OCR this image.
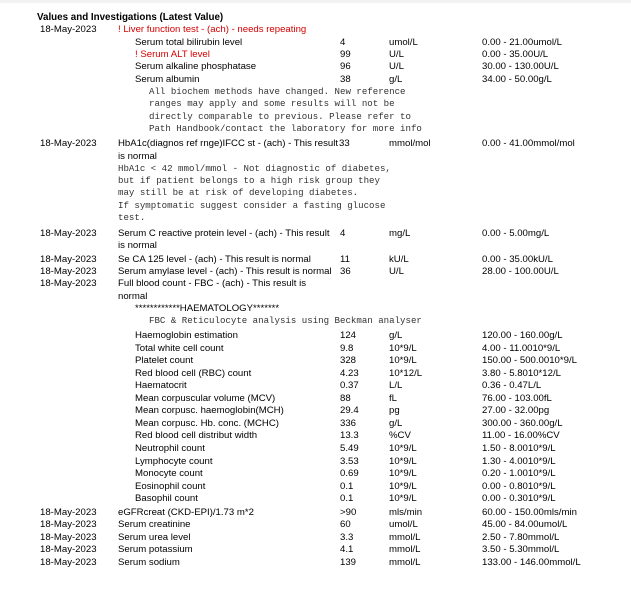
Values and Investigations (Latest Value)
18-May-2023 ! Liver function test - (ach) - needs repeating
Serum total bilirubin level	4	umol/L	0.00 - 21.00umol/L
! Serum ALT level	99	U/L	0.00 - 35.00U/L
Serum alkaline phosphatase	96	U/L	30.00 - 130.00U/L
Serum albumin	38	g/L	34.00 - 50.00g/L
All biochem methods have changed. New reference
ranges may apply and some results will not be
directly comparable to previous. Please refer to
Path Handbook/contact the laboratory for more info
18-May-2023 HbA1c(diagnos ref rnge)IFCC st - (ach) - This result 33	mmol/mol	0.00 - 41.00mmol/mol
is normal
HbA1c < 42 mmol/mmol - Not diagnostic of diabetes,
but if patient belongs to a high risk group they
may still be at risk of developing diabetes.
If symptomatic suggest consider a fasting glucose
test.
18-May-2023 Serum C reactive protein level - (ach) - This result 4	mg/L	0.00 - 5.00mg/L
is normal
18-May-2023 Se CA 125 level - (ach) - This result is normal	11	kU/L	0.00 - 35.00kU/L
18-May-2023 Serum amylase level - (ach) - This result is normal 36	U/L	28.00 - 100.00U/L
18-May-2023 Full blood count - FBC - (ach) - This result is
normal
************HAEMATOLOGY*******
FBC & Reticulocyte analysis using Beckman analyser
Haemoglobin estimation	124	g/L	120.00 - 160.00g/L
Total white cell count	9.8	10*9/L	4.00 - 11.0010*9/L
Platelet count	328	10*9/L	150.00 - 500.0010*9/L
Red blood cell (RBC) count	4.23	10*12/L	3.80 - 5.8010*12/L
Haematocrit	0.37	L/L	0.36 - 0.47L/L
Mean corpuscular volume (MCV)	88	fL	76.00 - 103.00fL
Mean corpusc. haemoglobin(MCH)	29.4	pg	27.00 - 32.00pg
Mean corpusc. Hb. conc. (MCHC)	336	g/L	300.00 - 360.00g/L
Red blood cell distribut width	13.3	%CV	11.00 - 16.00%CV
Neutrophil count	5.49	10*9/L	1.50 - 8.0010*9/L
Lymphocyte count	3.53	10*9/L	1.30 - 4.0010*9/L
Monocyte count	0.69	10*9/L	0.20 - 1.0010*9/L
Eosinophil count	0.1	10*9/L	0.00 - 0.8010*9/L
Basophil count	0.1	10*9/L	0.00 - 0.3010*9/L
18-May-2023 eGFRcreat (CKD-EPI)/1.73 m*2	>90	mls/min	60.00 - 150.00mls/min
18-May-2023 Serum creatinine	60	umol/L	45.00 - 84.00umol/L
18-May-2023 Serum urea level	3.3	mmol/L	2.50 - 7.80mmol/L
18-May-2023 Serum potassium	4.1	mmol/L	3.50 - 5.30mmol/L
18-May-2023 Serum sodium	139	mmol/L	133.00 - 146.00mmol/L
